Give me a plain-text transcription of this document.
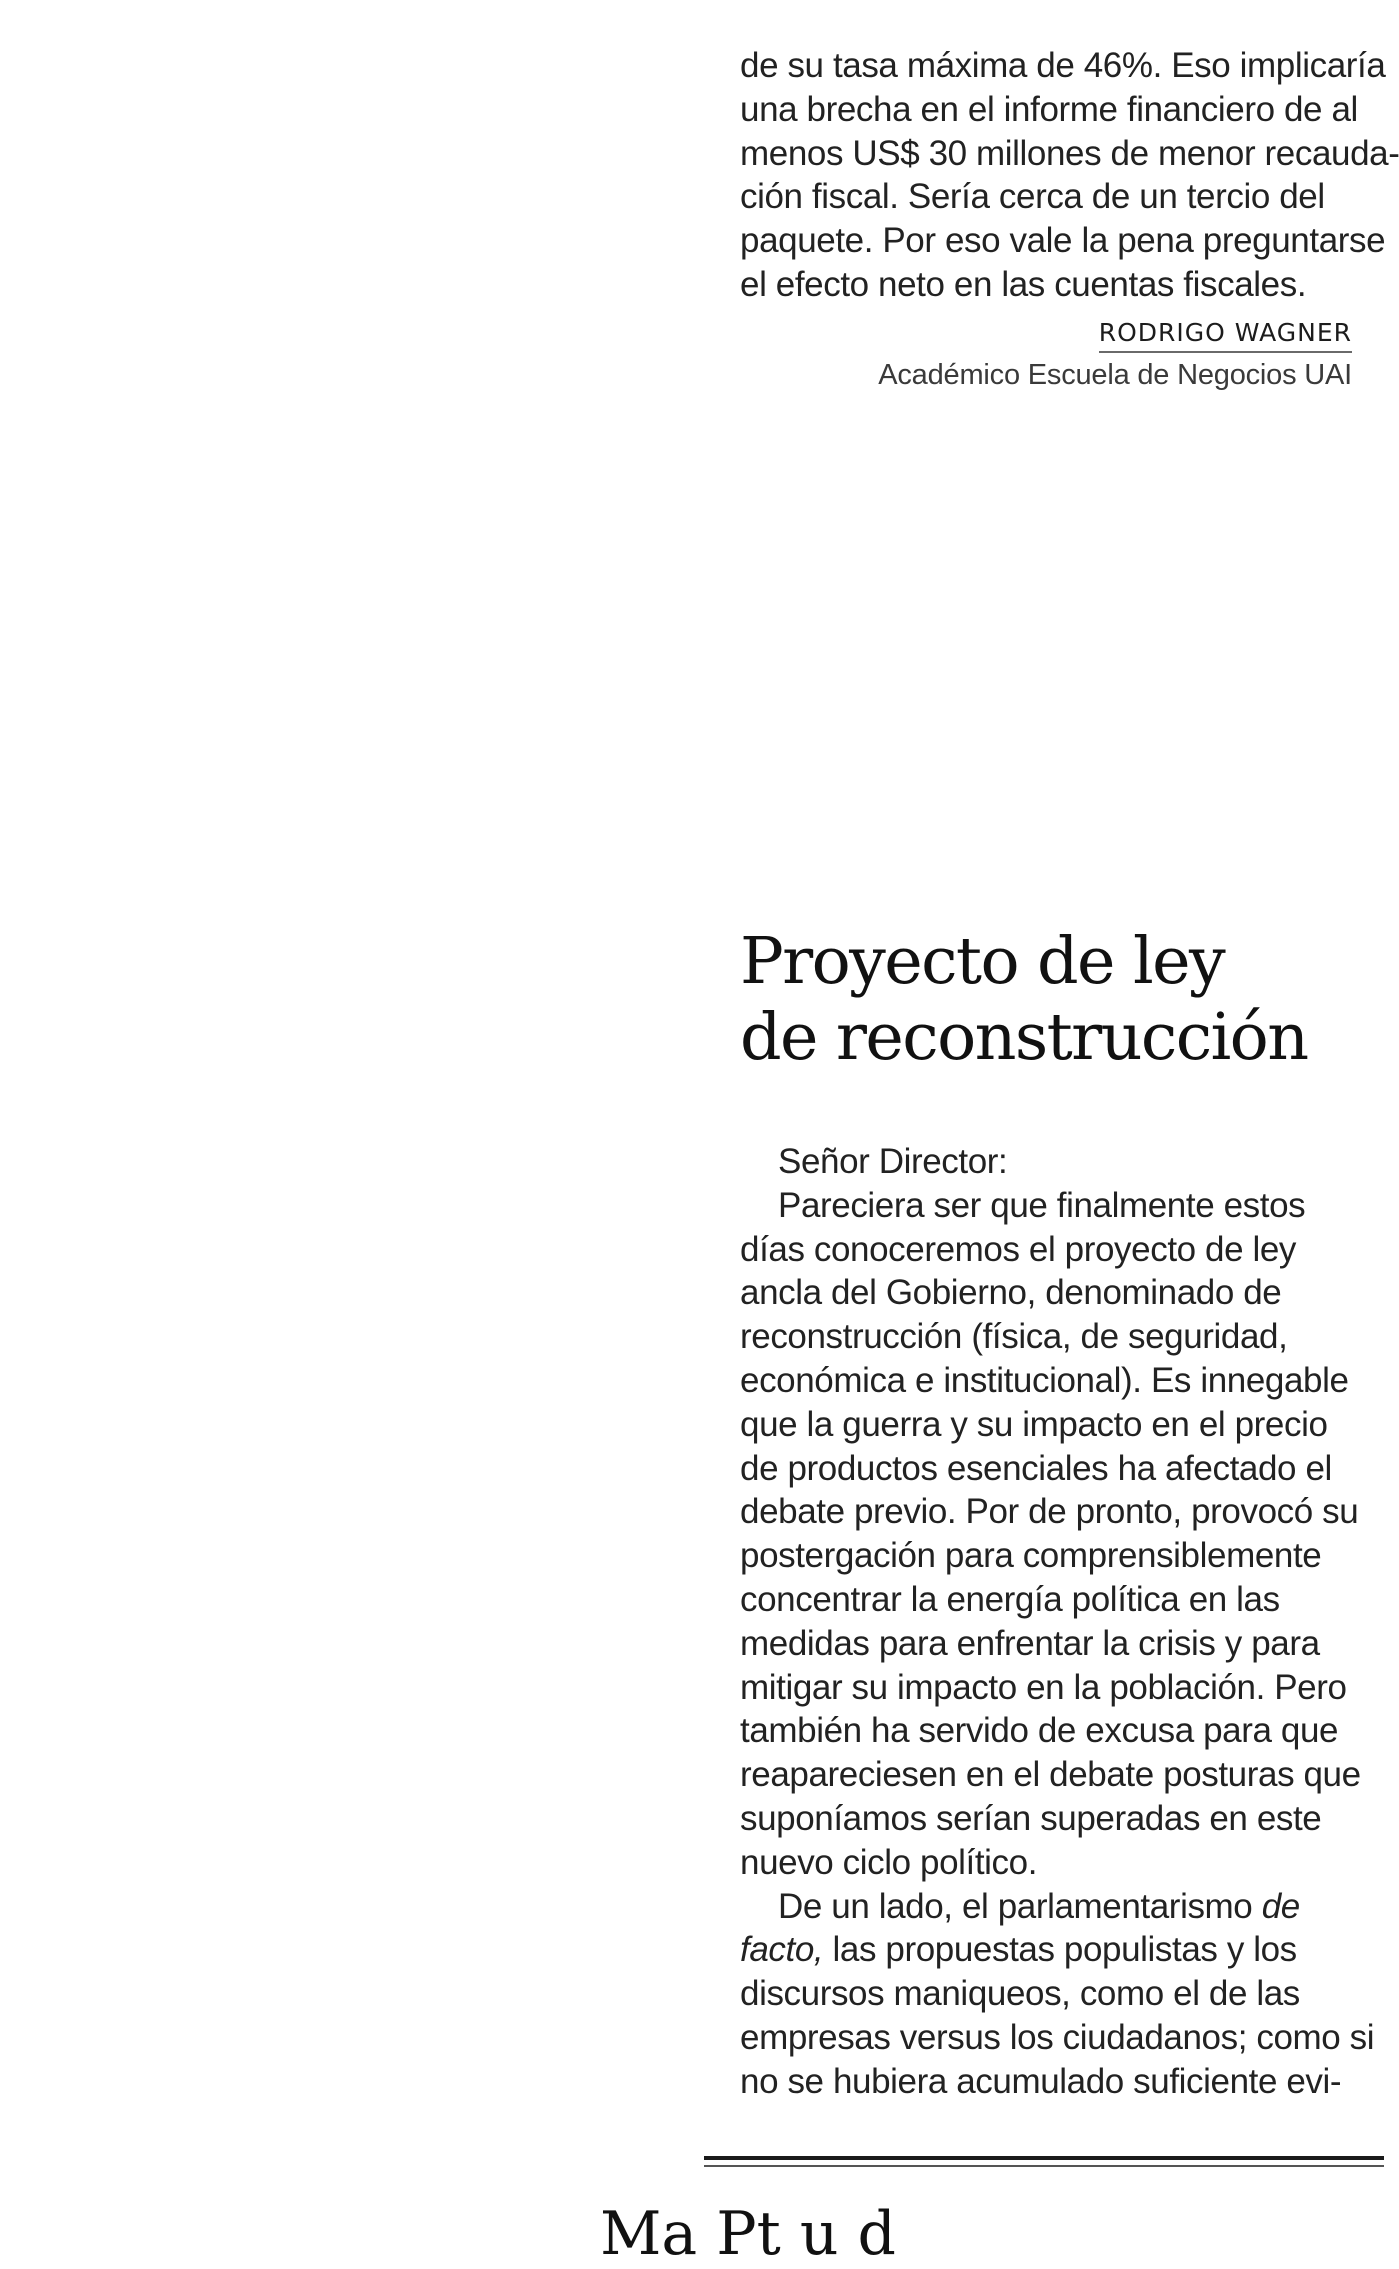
de su tasa máxima de 46%. Eso implicaría
una brecha en el informe financiero de al
menos US$ 30 millones de menor recauda-
ción fiscal. Sería cerca de un tercio del
paquete. Por eso vale la pena preguntarse
el efecto neto en las cuentas fiscales.
RODRIGO WAGNER
Académico Escuela de Negocios UAI
Proyecto de ley
de reconstrucción
Señor Director:
Pareciera ser que finalmente estos
días conoceremos el proyecto de ley
ancla del Gobierno, denominado de
reconstrucción (física, de seguridad,
económica e institucional). Es innegable
que la guerra y su impacto en el precio
de productos esenciales ha afectado el
debate previo. Por de pronto, provocó su
postergación para comprensiblemente
concentrar la energía política en las
medidas para enfrentar la crisis y para
mitigar su impacto en la población. Pero
también ha servido de excusa para que
reapareciesen en el debate posturas que
suponíamos serían superadas en este
nuevo ciclo político.
De un lado, el parlamentarismo de
facto, las propuestas populistas y los
discursos maniqueos, como el de las
empresas versus los ciudadanos; como si
no se hubiera acumulado suficiente evi-
Ma Pt u d
